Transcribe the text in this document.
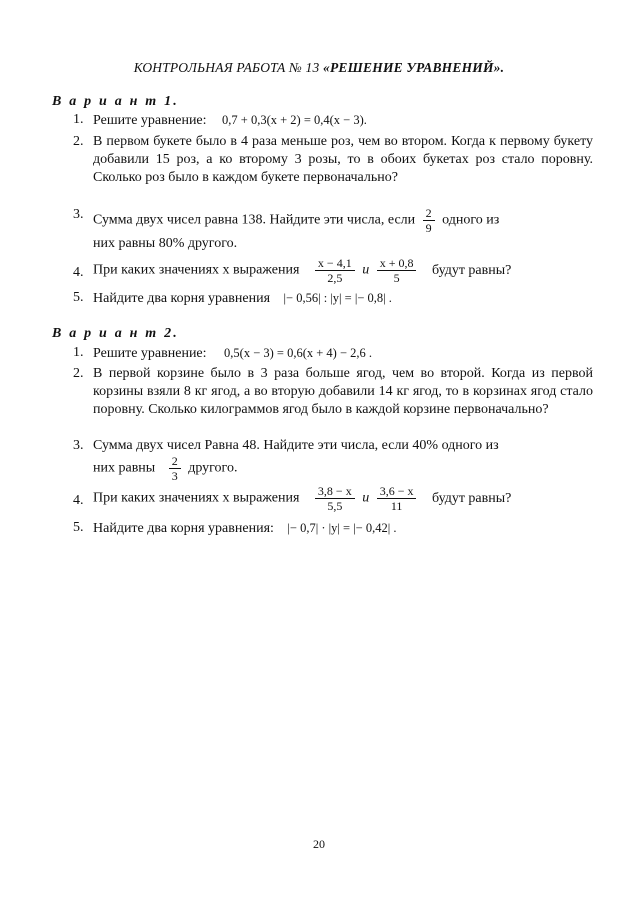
КОНТРОЛЬНАЯ РАБОТА № 13 «РЕШЕНИЕ УРАВНЕНИЙ».
В а р и а н т 1.
1. Решите уравнение: 0,7 + 0,3(x + 2) = 0,4(x − 3).
2. В первом букете было в 4 раза меньше роз, чем во втором. Когда к первому букету добавили 15 роз, а ко второму 3 розы, то в обоих букетах роз стало поровну. Сколько роз было в каждом букете первоначально?
3. Сумма двух чисел равна 138. Найдите эти числа, если $\frac{2}{9}$ одного из
них равны 80% другого.
4. При каких значениях x выражения $\frac{x - 4,1}{2,5}$ и $\frac{x + 0,8}{5}$ будут равны?
5. Найдите два корня уравнения |− 0,56| : |y| = |− 0,8| .
В а р и а н т 2.
1. Решите уравнение: 0,5(x − 3) = 0,6(x + 4) − 2,6 .
2. В первой корзине было в 3 раза больше ягод, чем во второй. Когда из первой корзины взяли 8 кг ягод, а во вторую добавили 14 кг ягод, то в корзинах ягод стало поровну. Сколько килограммов ягод было в каждой корзине первоначально?
3. Сумма двух чисел Равна 48. Найдите эти числа, если 40% одного из
них равны $\frac{2}{3}$ другого.
4. При каких значениях x выражения $\frac{3,8 - x}{5,5}$ и $\frac{3,6 - x}{11}$ будут равны?
5. Найдите два корня уравнения: |− 0,7| · |y| = |− 0,42| .
20
